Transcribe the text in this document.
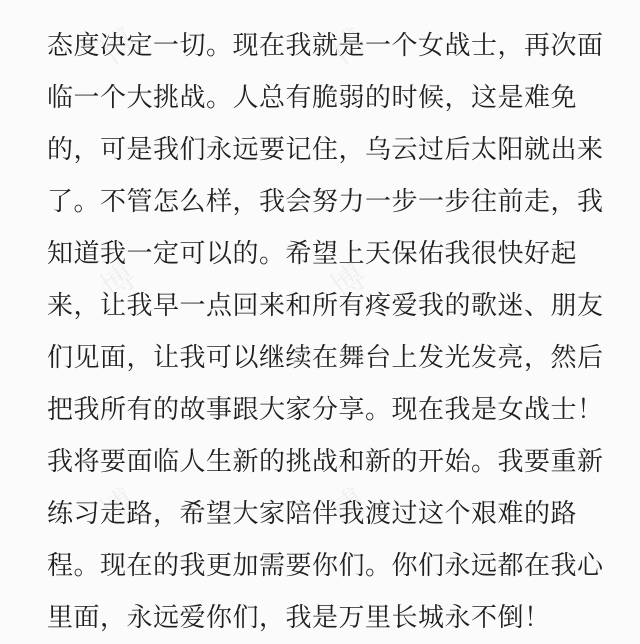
态度决定一切。现在我就是一个女战士，再次面
临一个大挑战。人总有脆弱的时候，这是难免
的，可是我们永远要记住，乌云过后太阳就出来
了。不管怎么样，我会努力一步一步往前走，我
知道我一定可以的。希望上天保佑我很快好起
来，让我早一点回来和所有疼爱我的歌迷、朋友
们见面，让我可以继续在舞台上发光发亮，然后
把我所有的故事跟大家分享。现在我是女战士！
我将要面临人生新的挑战和新的开始。我要重新
练习走路，希望大家陪伴我渡过这个艰难的路
程。现在的我更加需要你们。你们永远都在我心
里面，永远爱你们，我是万里长城永不倒！
